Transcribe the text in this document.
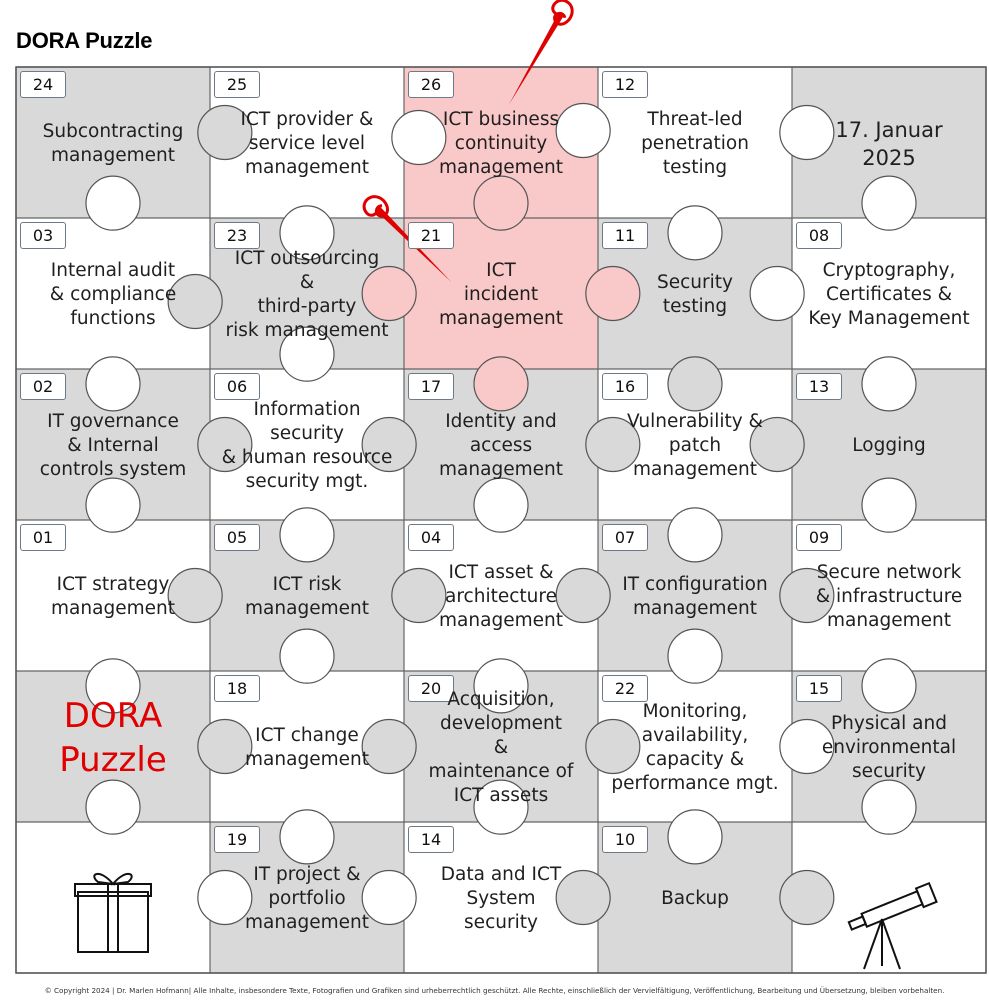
DORA Puzzle
24
Subcontracting
management
25
ICT provider &
service level
management
26
ICT business
continuity
management
12
Threat-led
penetration
testing
17. Januar
2025
03
Internal audit
& compliance
functions
23
ICT outsourcing
&
third-party
risk management
21
ICT
incident
management
11
Security
testing
08
Cryptography,
Certificates &
Key Management
02
IT governance
& Internal
controls system
06
Information security
& human resource
security mgt.
17
Identity and
access
management
16
Vulnerability &
patch
management
13
Logging
01
ICT strategy
management
05
ICT risk
management
04
ICT asset &
architecture
management
07
IT configuration
management
09
Secure network
& infrastructure
management
DORA
Puzzle
18
ICT change
management
20 Acquisition,
development
&
maintenance of
ICT assets
22
Monitoring,
availability, capacity &
performance mgt.
15
Physical and
environmental
security
19
IT project &
portfolio
management
14
Data and ICT
System
security
10
Backup
© Copyright 2024 | Dr. Marlen Hofmann| Alle Inhalte, insbesondere Texte, Fotografien und Grafiken sind urheberrechtlich geschützt. Alle Rechte, einschließlich der Vervielfältigung, Veröffentlichung, Bearbeitung und Übersetzung, bleiben vorbehalten.
